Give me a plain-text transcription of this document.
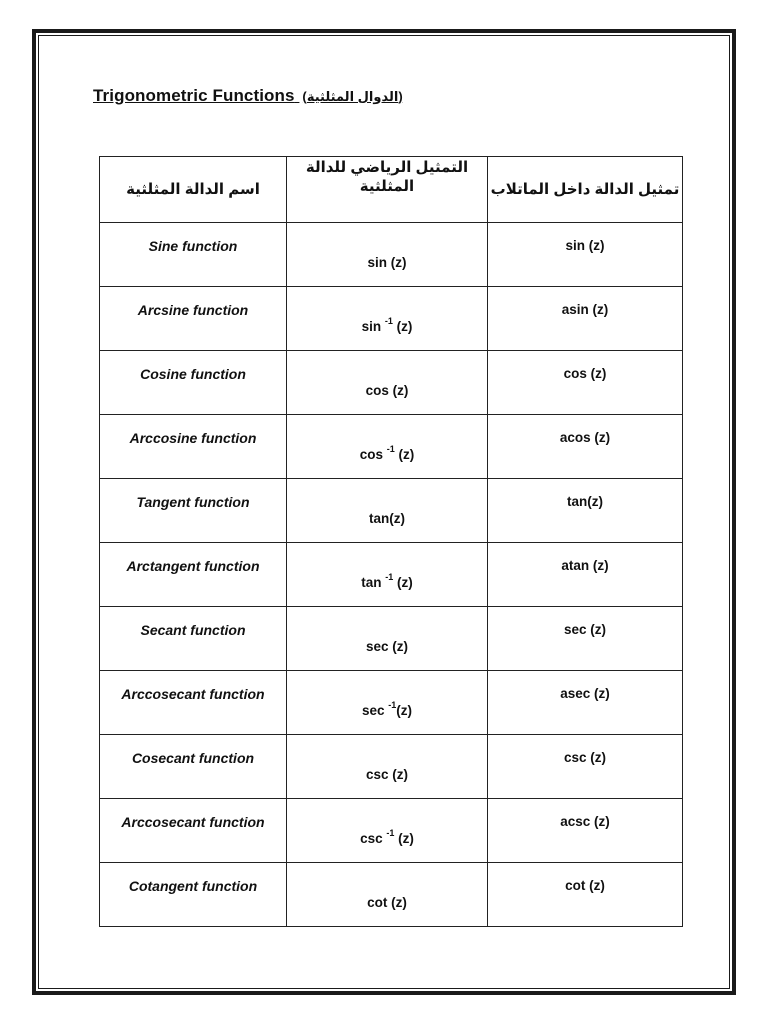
Trigonometric Functions (الدوال المثلثية)
اسم الدالة المثلثية	التمثيل الرياضي للدالة المثلثية	تمثيل الدالة داخل الماتلاب

Sine function	sin (z)	sin (z)

Arcsine function	sin $^{-1}$ (z)	asin (z)

Cosine function	cos (z)	cos (z)

Arccosine function	cos $^{-1}$ (z)	acos (z)

Tangent function	tan(z)	tan(z)

Arctangent function	tan $^{-1}$ (z)	atan (z)

Secant function	sec (z)	sec (z)

Arccosecant function	sec $^{-1}$(z)	asec (z)

Cosecant function	csc (z)	csc (z)

Arccosecant function	csc $^{-1}$ (z)	acsc (z)

Cotangent function	cot (z)	cot (z)
